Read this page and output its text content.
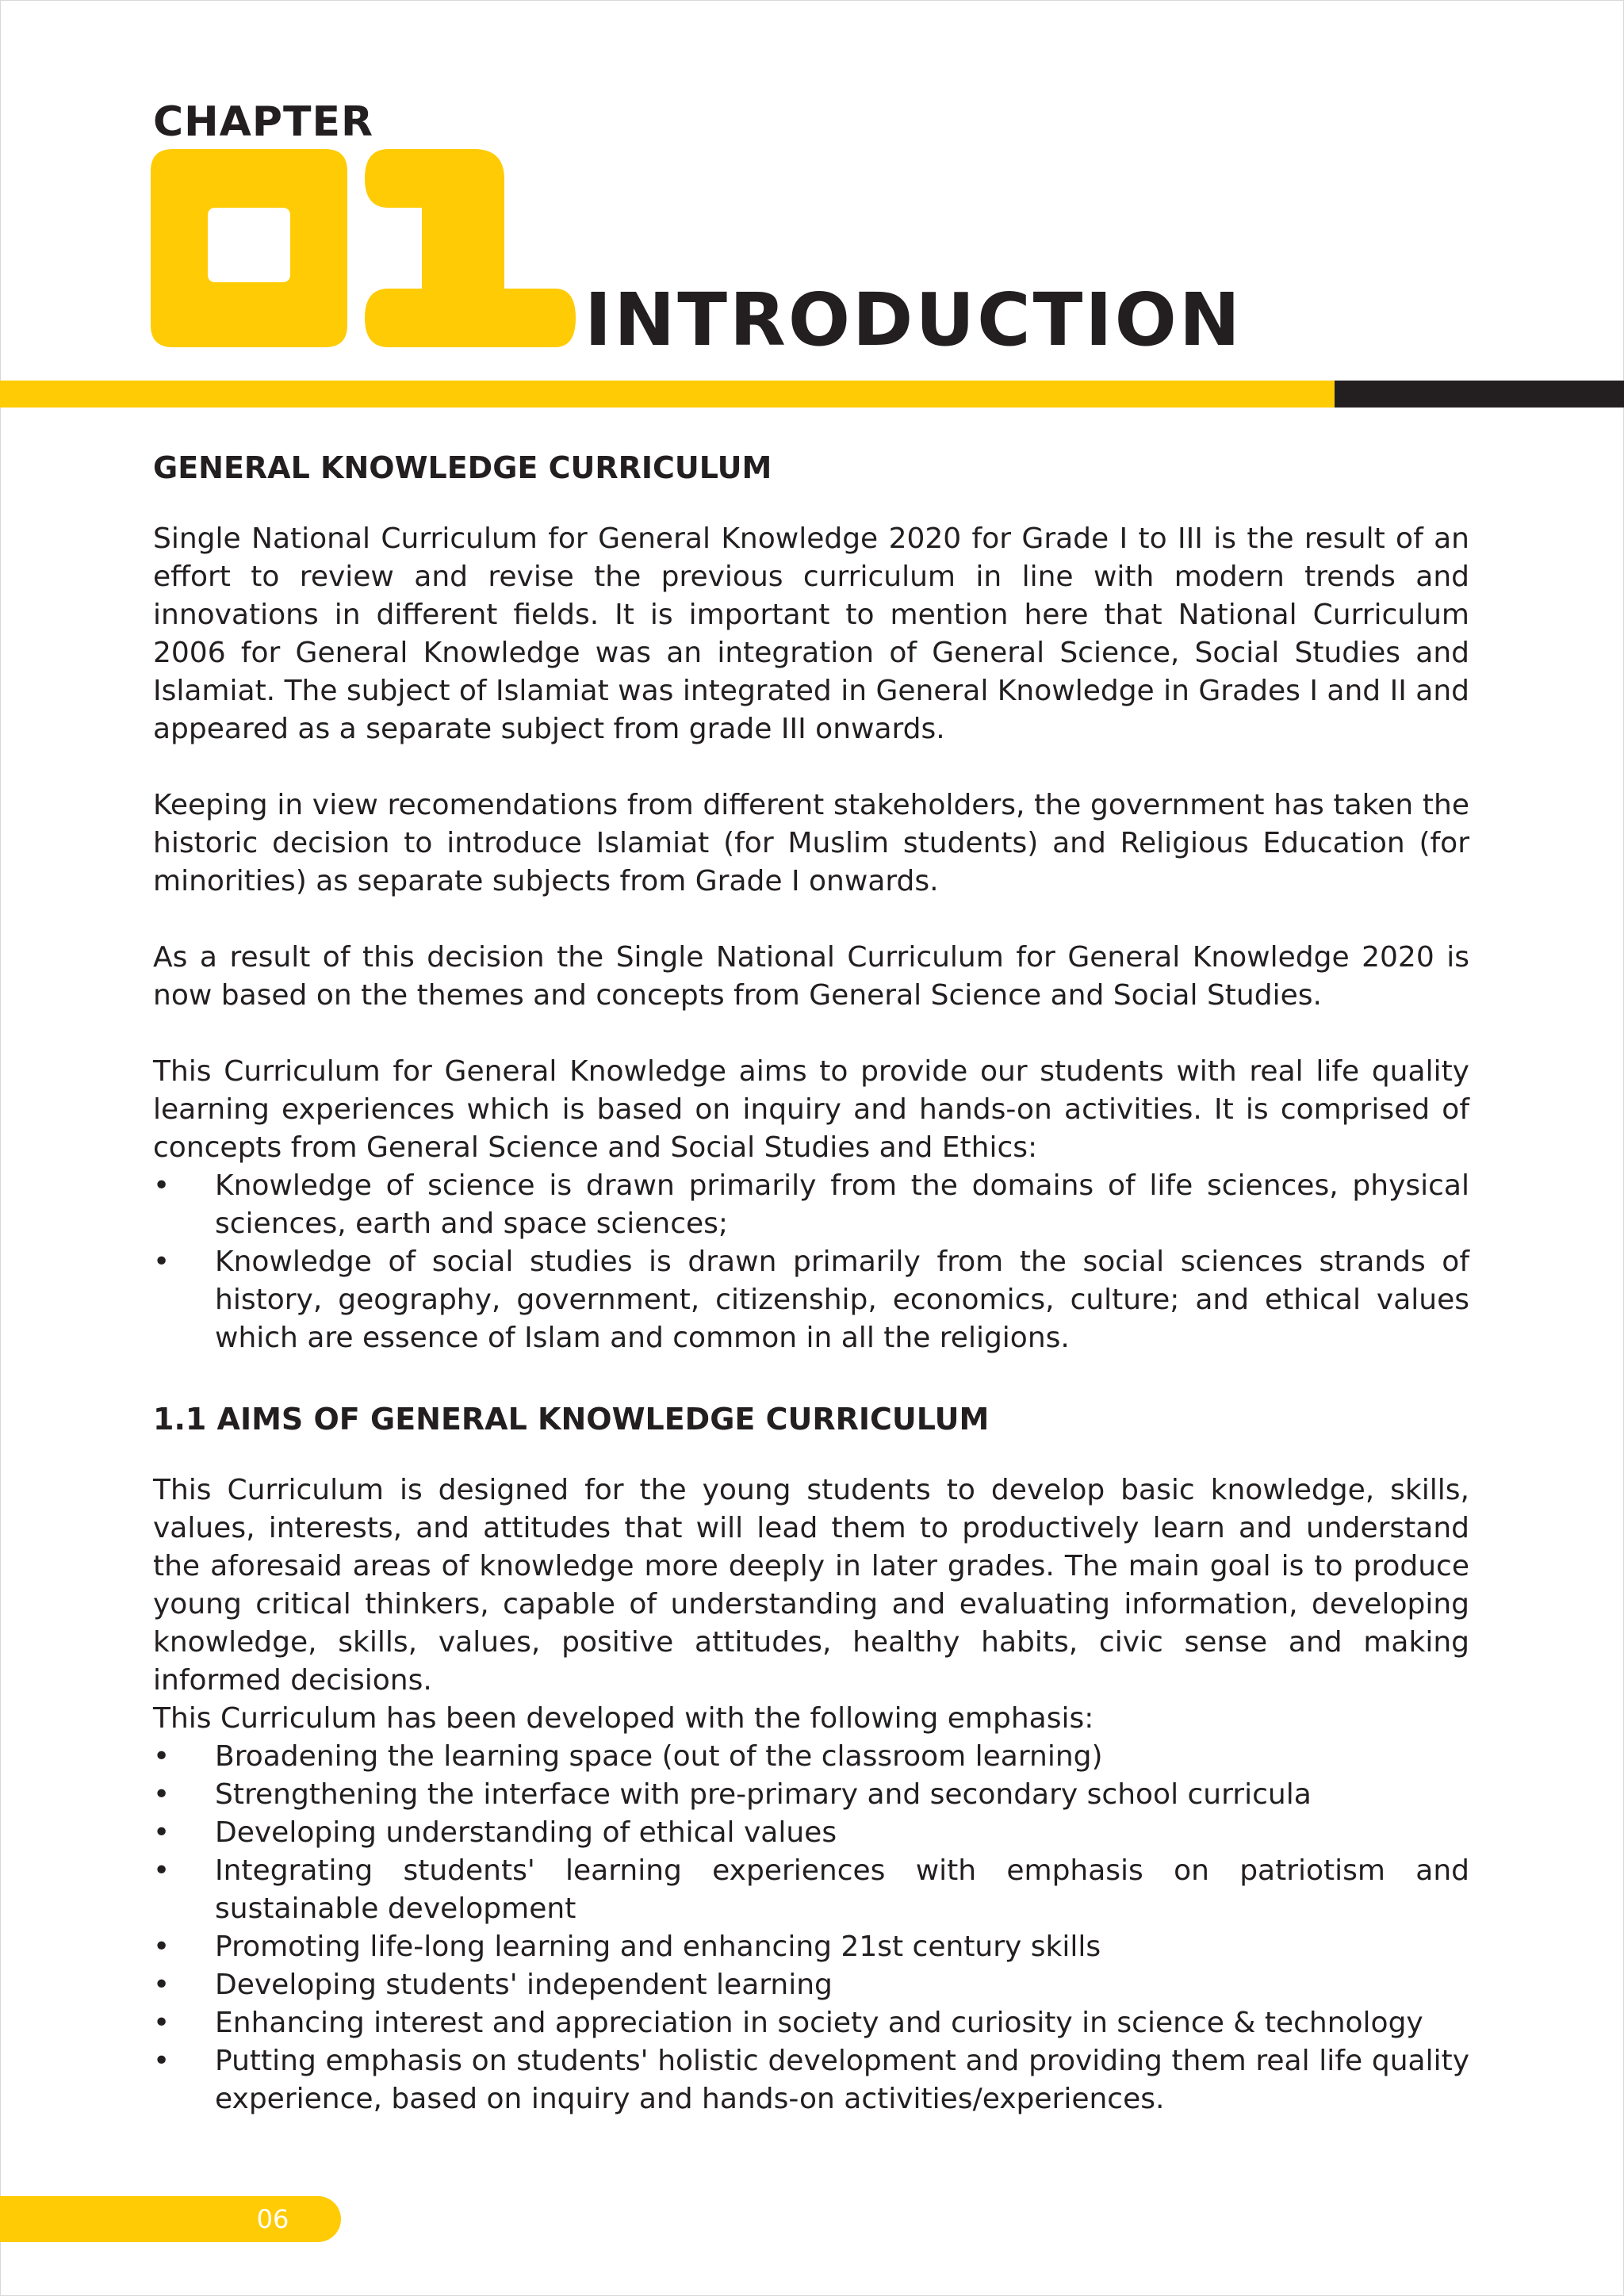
CHAPTER
INTRODUCTION
GENERAL KNOWLEDGE CURRICULUM

Single National Curriculum for General Knowledge 2020 for Grade I to III is the result of an effort to review and revise the previous curriculum in line with modern trends and innovations in different fields. It is important to mention here that National Curriculum 2006 for General Knowledge was an integration of General Science, Social Studies and Islamiat. The subject of Islamiat was integrated in General Knowledge in Grades I and II and appeared as a separate subject from grade III onwards.

Keeping in view recomendations from different stakeholders, the government has taken the historic decision to introduce Islamiat (for Muslim students) and Religious Education (for minorities) as separate subjects from Grade I onwards.

As a result of this decision the Single National Curriculum for General Knowledge 2020 is now based on the themes and concepts from General Science and Social Studies.

This Curriculum for General Knowledge aims to provide our students with real life quality learning experiences which is based on inquiry and hands-on activities. It is comprised of concepts from General Science and Social Studies and Ethics:

•	Knowledge of science is drawn primarily from the domains of life sciences, physical sciences, earth and space sciences;
•	Knowledge of social studies is drawn primarily from the social sciences strands of history, geography, government, citizenship, economics, culture; and ethical values which are essence of Islam and common in all the religions.
1.1 AIMS OF GENERAL KNOWLEDGE CURRICULUM

This Curriculum is designed for the young students to develop basic knowledge, skills, values, interests, and attitudes that will lead them to productively learn and understand the aforesaid areas of knowledge more deeply in later grades. The main goal is to produce young critical thinkers, capable of understanding and evaluating information, developing knowledge, skills, values, positive attitudes, healthy habits, civic sense and making informed decisions.

This Curriculum has been developed with the following emphasis:

•	Broadening the learning space (out of the classroom learning)
•	Strengthening the interface with pre-primary and secondary school curricula
•	Developing understanding of ethical values
•	Integrating students' learning experiences with emphasis on patriotism and sustainable development
•	Promoting life-long learning and enhancing 21st century skills
•	Developing students' independent learning
•	Enhancing interest and appreciation in society and curiosity in science & technology
•	Putting emphasis on students' holistic development and providing them real life quality experience, based on inquiry and hands-on activities/experiences.
06
